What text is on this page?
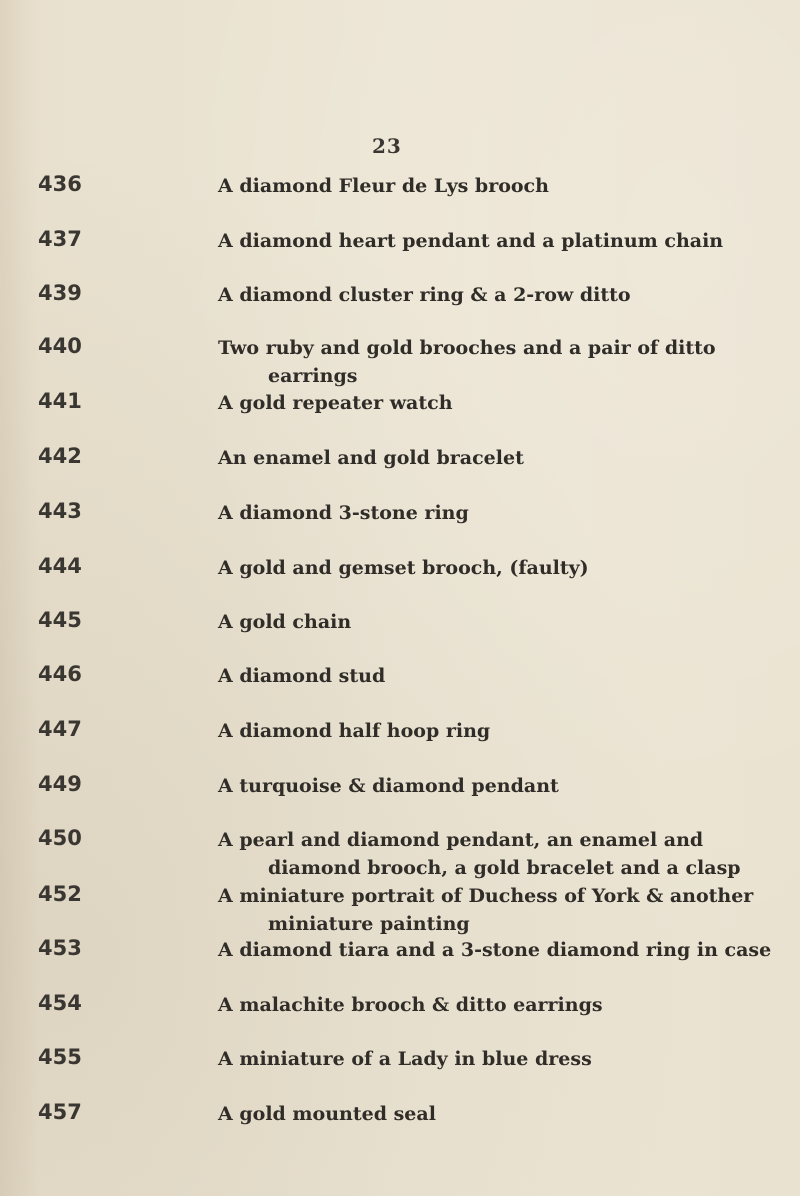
23
436	A diamond Fleur de Lys brooch
437	A diamond heart pendant and a platinum chain
439	A diamond cluster ring & a 2-row ditto
440	Two ruby and gold brooches and a pair of ditto
earrings
441	A gold repeater watch
442	An enamel and gold bracelet
443	A diamond 3-stone ring
444	A gold and gemset brooch, (faulty)
445	A gold chain
446	A diamond stud
447	A diamond half hoop ring
449	A turquoise & diamond pendant
450	A pearl and diamond pendant, an enamel and
diamond brooch, a gold bracelet and a clasp
452	A miniature portrait of Duchess of York & another
miniature painting
453	A diamond tiara and a 3-stone diamond ring in case
454	A malachite brooch & ditto earrings
455	A miniature of a Lady in blue dress
457	A gold mounted seal
